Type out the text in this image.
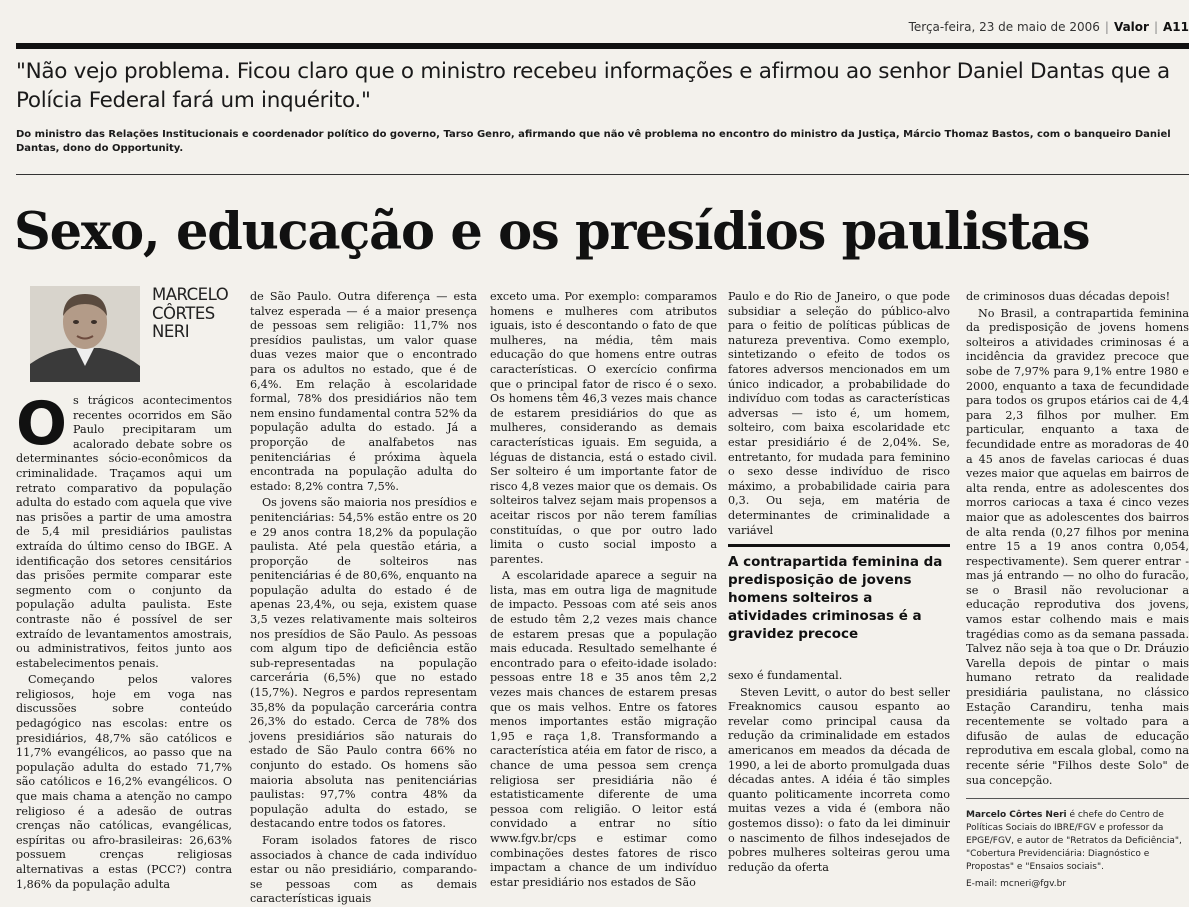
Terça-feira, 23 de maio de 2006 | Valor | A11
"Não vejo problema. Ficou claro que o ministro recebeu informações e afirmou ao senhor Daniel Dantas que a Polícia Federal fará um inquérito."
Do ministro das Relações Institucionais e coordenador político do governo, Tarso Genro, afirmando que não vê problema no encontro do ministro da Justiça, Márcio Thomaz Bastos, com o banqueiro Daniel Dantas, dono do Opportunity.
Sexo, educação e os presídios paulistas
MARCELO
CÔRTES
NERI

Os trágicos acontecimentos recentes ocorridos em São Paulo precipitaram um acalorado debate sobre os determinantes sócio-econômicos da criminalidade. Traçamos aqui um retrato comparativo da população adulta do estado com aquela que vive nas prisões a partir de uma amostra de 5,4 mil presidiários paulistas extraída do último censo do IBGE. A identificação dos setores censitários das prisões permite comparar este segmento com o conjunto da população adulta paulista. Este contraste não é possível de ser extraído de levantamentos amostrais, ou administrativos, feitos junto aos estabelecimentos penais.

Começando pelos valores religiosos, hoje em voga nas discussões sobre conteúdo pedagógico nas escolas: entre os presidiários, 48,7% são católicos e 11,7% evangélicos, ao passo que na população adulta do estado 71,7% são católicos e 16,2% evangélicos. O que mais chama a atenção no campo religioso é a adesão de outras crenças não católicas, evangélicas, espíritas ou afro-brasileiras: 26,63% possuem crenças religiosas alternativas a estas (PCC?) contra 1,86% da população adulta

de São Paulo. Outra diferença — esta talvez esperada — é a maior presença de pessoas sem religião: 11,7% nos presídios paulistas, um valor quase duas vezes maior que o encontrado para os adultos no estado, que é de 6,4%. Em relação à escolaridade formal, 78% dos presidiários não tem nem ensino fundamental contra 52% da população adulta do estado. Já a proporção de analfabetos nas penitenciárias é próxima àquela encontrada na população adulta do estado: 8,2% contra 7,5%.

Os jovens são maioria nos presídios e penitenciárias: 54,5% estão entre os 20 e 29 anos contra 18,2% da população paulista. Até pela questão etária, a proporção de solteiros nas penitenciárias é de 80,6%, enquanto na população adulta do estado é de apenas 23,4%, ou seja, existem quase 3,5 vezes relativamente mais solteiros nos presídios de São Paulo. As pessoas com algum tipo de deficiência estão sub-representadas na população carcerária (6,5%) que no estado (15,7%). Negros e pardos representam 35,8% da população carcerária contra 26,3% do estado. Cerca de 78% dos jovens presidiários são naturais do estado de São Paulo contra 66% no conjunto do estado. Os homens são maioria absoluta nas penitenciárias paulistas: 97,7% contra 48% da população adulta do estado, se destacando entre todos os fatores.

Foram isolados fatores de risco associados à chance de cada indivíduo estar ou não presidiário, comparando-se pessoas com as demais características iguais

exceto uma. Por exemplo: comparamos homens e mulheres com atributos iguais, isto é descontando o fato de que mulheres, na média, têm mais educação do que homens entre outras características. O exercício confirma que o principal fator de risco é o sexo. Os homens têm 46,3 vezes mais chance de estarem presidiários do que as mulheres, considerando as demais características iguais. Em seguida, a léguas de distancia, está o estado civil. Ser solteiro é um importante fator de risco 4,8 vezes maior que os demais. Os solteiros talvez sejam mais propensos a aceitar riscos por não terem famílias constituídas, o que por outro lado limita o custo social imposto a parentes.

A escolaridade aparece a seguir na lista, mas em outra liga de magnitude de impacto. Pessoas com até seis anos de estudo têm 2,2 vezes mais chance de estarem presas que a população mais educada. Resultado semelhante é encontrado para o efeito-idade isolado: pessoas entre 18 e 35 anos têm 2,2 vezes mais chances de estarem presas que os mais velhos. Entre os fatores menos importantes estão migração 1,95 e raça 1,8. Transformando a característica atéia em fator de risco, a chance de uma pessoa sem crença religiosa ser presidiária não é estatisticamente diferente de uma pessoa com religião. O leitor está convidado a entrar no sítio www.fgv.br/cps e estimar como combinações destes fatores de risco impactam a chance de um indivíduo estar presidiário nos estados de São

Paulo e do Rio de Janeiro, o que pode subsidiar a seleção do público-alvo para o feitio de políticas públicas de natureza preventiva. Como exemplo, sintetizando o efeito de todos os fatores adversos mencionados em um único indicador, a probabilidade do indivíduo com todas as características adversas — isto é, um homem, solteiro, com baixa escolaridade etc estar presidiário é de 2,04%. Se, entretanto, for mudada para feminino o sexo desse indivíduo de risco máximo, a probabilidade cairia para 0,3. Ou seja, em matéria de determinantes de criminalidade a variável

A contrapartida feminina da predisposição de jovens homens solteiros a atividades criminosas é a gravidez precoce

sexo é fundamental.

Steven Levitt, o autor do best seller Freaknomics causou espanto ao revelar como principal causa da redução da criminalidade em estados americanos em meados da década de 1990, a lei de aborto promulgada duas décadas antes. A idéia é tão simples quanto politicamente incorreta como muitas vezes a vida é (embora não gostemos disso): o fato da lei diminuir o nascimento de filhos indesejados de pobres mulheres solteiras gerou uma redução da oferta

de criminosos duas décadas depois!

No Brasil, a contrapartida feminina da predisposição de jovens homens solteiros a atividades criminosas é a incidência da gravidez precoce que sobe de 7,97% para 9,1% entre 1980 e 2000, enquanto a taxa de fecundidade para todos os grupos etários cai de 4,4 para 2,3 filhos por mulher. Em particular, enquanto a taxa de fecundidade entre as moradoras de 40 a 45 anos de favelas cariocas é duas vezes maior que aquelas em bairros de alta renda, entre as adolescentes dos morros cariocas a taxa é cinco vezes maior que as adolescentes dos bairros de alta renda (0,27 filhos por menina entre 15 a 19 anos contra 0,054, respectivamente). Sem querer entrar - mas já entrando — no olho do furacão, se o Brasil não revolucionar a educação reprodutiva dos jovens, vamos estar colhendo mais e mais tragédias como as da semana passada. Talvez não seja à toa que o Dr. Dráuzio Varella depois de pintar o mais humano retrato da realidade presidiária paulistana, no clássico Estação Carandiru, tenha mais recentemente se voltado para a difusão de aulas de educação reprodutiva em escala global, como na recente série "Filhos deste Solo" de sua concepção.

Marcelo Côrtes Neri é chefe do Centro de Políticas Sociais do IBRE/FGV e professor da EPGE/FGV, e autor de "Retratos da Deficiência", "Cobertura Previdenciária: Diagnóstico e Propostas" e "Ensaios sociais".
E-mail: mcneri@fgv.br
